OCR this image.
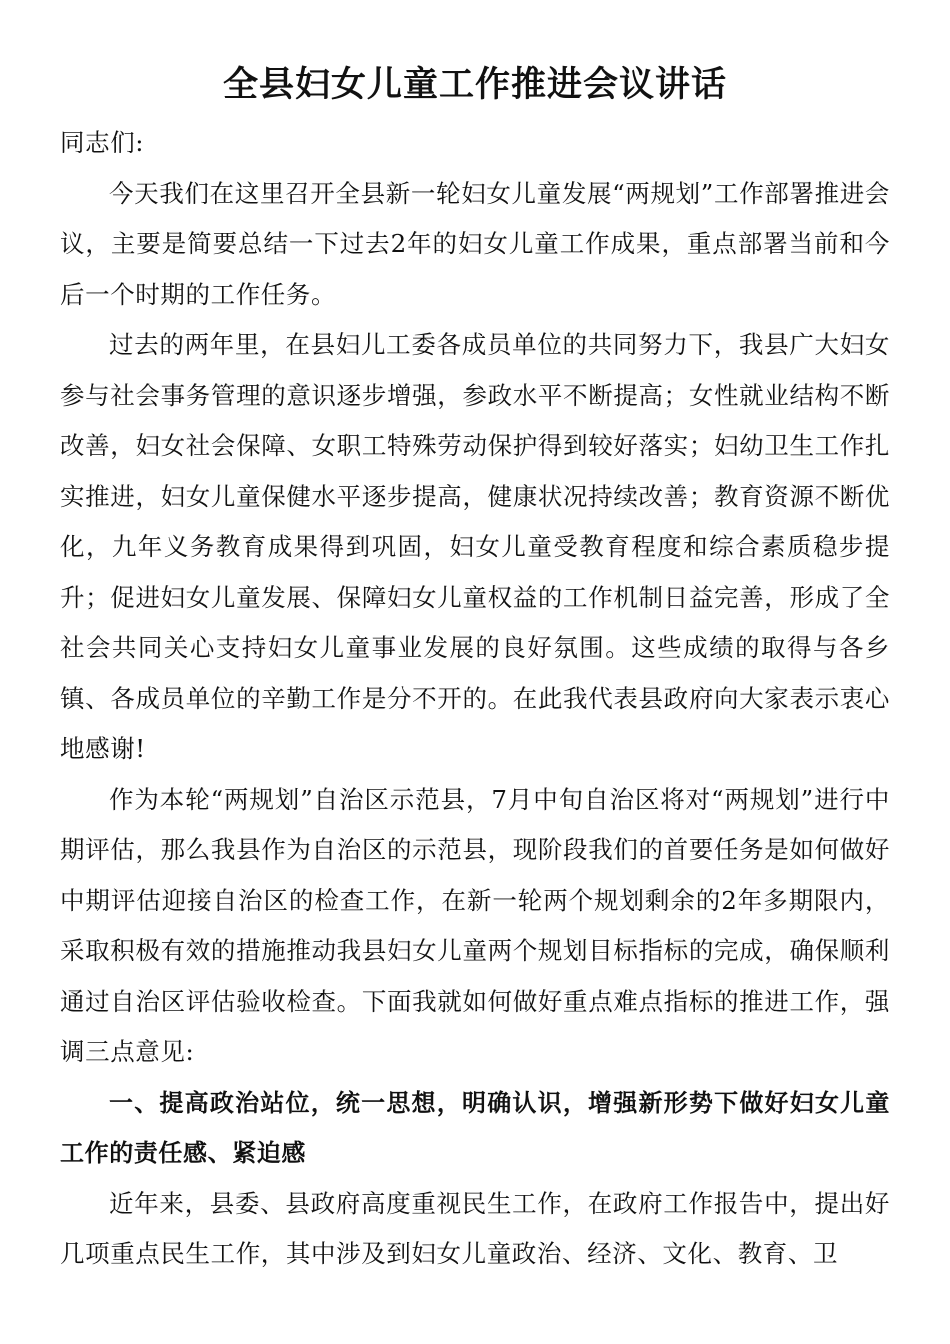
全县妇女儿童工作推进会议讲话

同志们:

今天我们在这里召开全县新一轮妇女儿童发展“两规划”工作部署推进会议，主要是简要总结一下过去2年的妇女儿童工作成果，重点部署当前和今后一个时期的工作任务。

过去的两年里，在县妇儿工委各成员单位的共同努力下，我县广大妇女参与社会事务管理的意识逐步增强，参政水平不断提高；女性就业结构不断改善，妇女社会保障、女职工特殊劳动保护得到较好落实；妇幼卫生工作扎实推进，妇女儿童保健水平逐步提高，健康状况持续改善；教育资源不断优化，九年义务教育成果得到巩固，妇女儿童受教育程度和综合素质稳步提升；促进妇女儿童发展、保障妇女儿童权益的工作机制日益完善，形成了全社会共同关心支持妇女儿童事业发展的良好氛围。这些成绩的取得与各乡镇、各成员单位的辛勤工作是分不开的。在此我代表县政府向大家表示衷心地感谢!

作为本轮“两规划”自治区示范县，7月中旬自治区将对“两规划”进行中期评估，那么我县作为自治区的示范县，现阶段我们的首要任务是如何做好中期评估迎接自治区的检查工作，在新一轮两个规划剩余的2年多期限内，采取积极有效的措施推动我县妇女儿童两个规划目标指标的完成，确保顺利通过自治区评估验收检查。下面我就如何做好重点难点指标的推进工作，强调三点意见:

一、提高政治站位，统一思想，明确认识，增强新形势下做好妇女儿童工作的责任感、紧迫感

近年来，县委、县政府高度重视民生工作，在政府工作报告中，提出好几项重点民生工作，其中涉及到妇女儿童政治、经济、文化、教育、卫
